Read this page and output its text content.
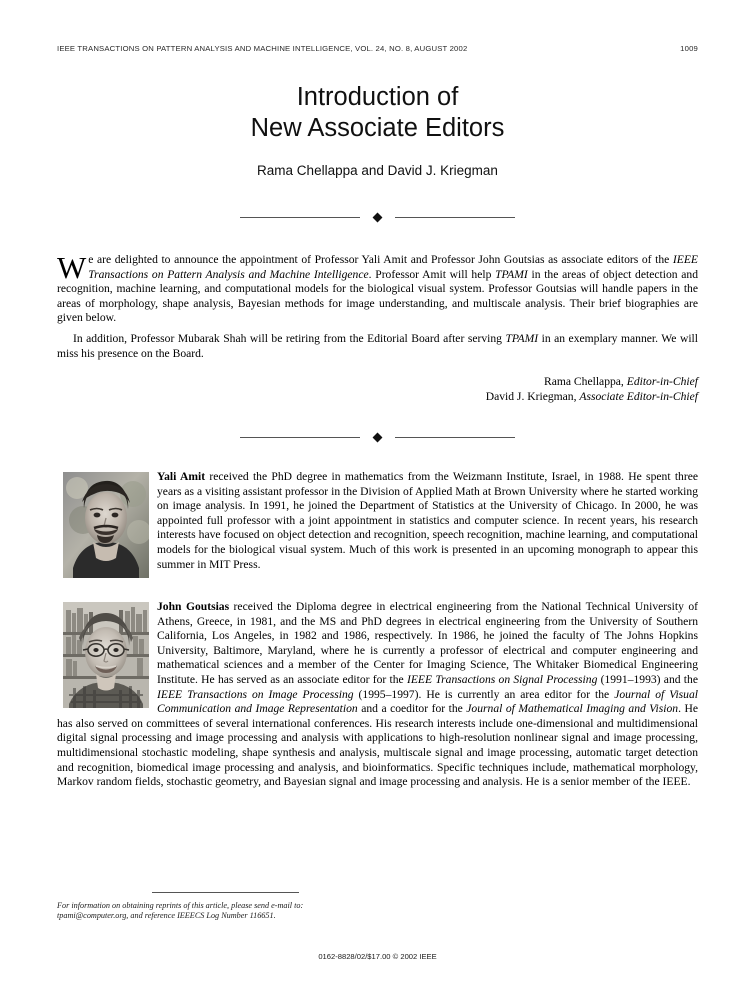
IEEE TRANSACTIONS ON PATTERN ANALYSIS AND MACHINE INTELLIGENCE, VOL. 24, NO. 8, AUGUST 2002	1009
Introduction of
New Associate Editors
Rama Chellappa and David J. Kriegman
We are delighted to announce the appointment of Professor Yali Amit and Professor John Goutsias as associate editors of the IEEE Transactions on Pattern Analysis and Machine Intelligence. Professor Amit will help TPAMI in the areas of object detection and recognition, machine learning, and computational models for the biological visual system. Professor Goutsias will handle papers in the areas of morphology, shape analysis, Bayesian methods for image understanding, and multiscale analysis. Their brief biographies are given below.
In addition, Professor Mubarak Shah will be retiring from the Editorial Board after serving TPAMI in an exemplary manner. We will miss his presence on the Board.
Rama Chellappa, Editor-in-Chief
David J. Kriegman, Associate Editor-in-Chief
Yali Amit received the PhD degree in mathematics from the Weizmann Institute, Israel, in 1988. He spent three years as a visiting assistant professor in the Division of Applied Math at Brown University where he started working on image analysis. In 1991, he joined the Department of Statistics at the University of Chicago. In 2000, he was appointed full professor with a joint appointment in statistics and computer science. In recent years, his research interests have focused on object detection and recognition, speech recognition, machine learning, and computational models for the biological visual system. Much of this work is presented in an upcoming monograph to appear this summer in MIT Press.
John Goutsias received the Diploma degree in electrical engineering from the National Technical University of Athens, Greece, in 1981, and the MS and PhD degrees in electrical engineering from the University of Southern California, Los Angeles, in 1982 and 1986, respectively. In 1986, he joined the faculty of The Johns Hopkins University, Baltimore, Maryland, where he is currently a professor of electrical and computer engineering and mathematical sciences and a member of the Center for Imaging Science, The Whitaker Biomedical Engineering Institute. He has served as an associate editor for the IEEE Transactions on Signal Processing (1991–1993) and the IEEE Transactions on Image Processing (1995–1997). He is currently an area editor for the Journal of Visual Communication and Image Representation and a coeditor for the Journal of Mathematical Imaging and Vision. He has also served on committees of several international conferences. His research interests include one-dimensional and multidimensional digital signal processing and image processing and analysis with applications to high-resolution nonlinear signal and image processing, multidimensional stochastic modeling, shape synthesis and analysis, multiscale signal and image processing, automatic target detection and recognition, biomedical image processing and analysis, and bioinformatics. Specific techniques include, mathematical morphology, Markov random fields, stochastic geometry, and Bayesian signal and image processing and analysis. He is a senior member of the IEEE.
For information on obtaining reprints of this article, please send e-mail to:
tpami@computer.org, and reference IEEECS Log Number 116651.
0162-8828/02/$17.00 © 2002 IEEE
